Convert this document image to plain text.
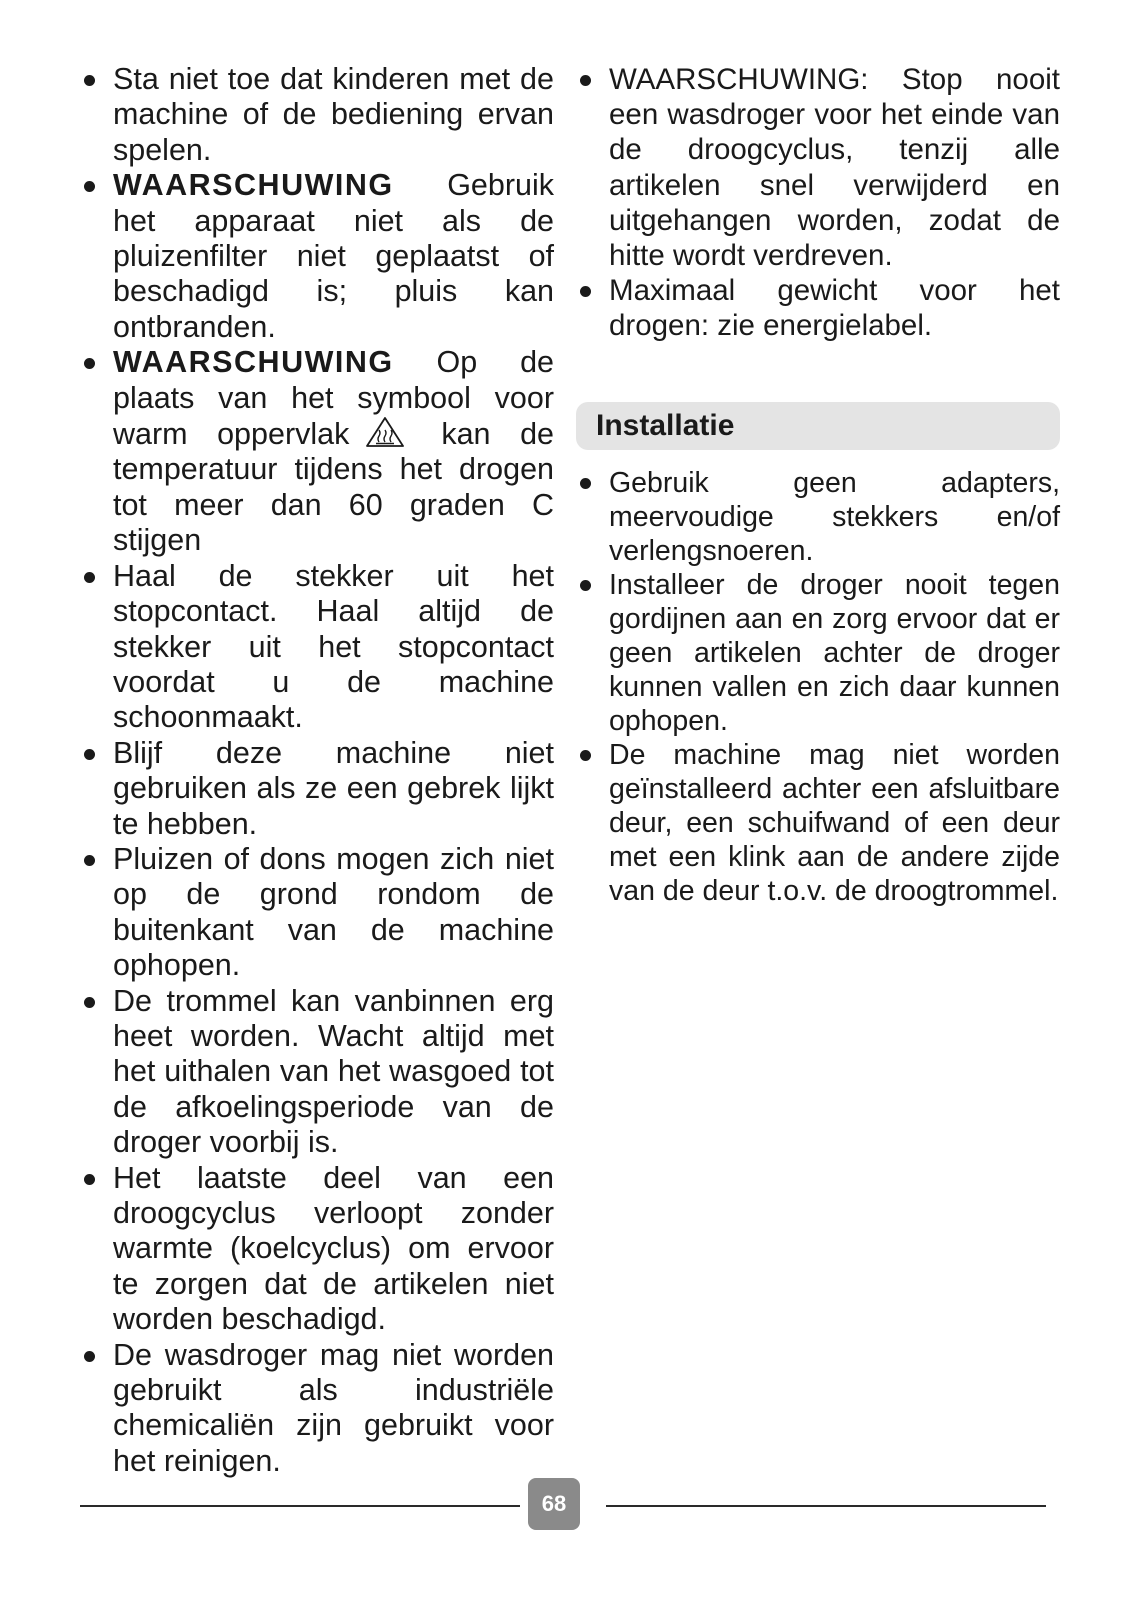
Sta niet toe dat kinderen met de machine of de bediening ervan spelen.
WAARSCHUWING Gebruik het apparaat niet als de pluizenfilter niet geplaatst of beschadigd is; pluis kan ontbranden.
WAARSCHUWING Op de plaats van het symbool voor warm oppervlak	kan de temperatuur tijdens het drogen tot meer dan 60 graden C stijgen
Haal de stekker uit het stopcontact. Haal altijd de stekker uit het stopcontact voordat u de machine schoonmaakt.
Blijf deze machine niet gebruiken als ze een gebrek lijkt te hebben.
Pluizen of dons mogen zich niet op de grond rondom de buitenkant van de machine ophopen.
De trommel kan vanbinnen erg heet worden. Wacht altijd met het uithalen van het wasgoed tot de afkoelingsperiode van de droger voorbij is.
Het laatste deel van een droogcyclus verloopt zonder warmte (koelcyclus) om ervoor te zorgen dat de artikelen niet worden beschadigd.
De wasdroger mag niet worden gebruikt als industriële chemicaliën zijn gebruikt voor het reinigen.
WAARSCHUWING: Stop nooit een wasdroger voor het einde van de droogcyclus, tenzij alle artikelen snel verwijderd en uitgehangen worden, zodat de hitte wordt verdreven.
Maximaal gewicht voor het drogen: zie energielabel.
Installatie
Gebruik geen adapters, meervoudige stekkers en/of verlengsnoeren.
Installeer de droger nooit tegen gordijnen aan en zorg ervoor dat er geen artikelen achter de droger kunnen vallen en zich daar kunnen ophopen.
De machine mag niet worden geïnstalleerd achter een afsluitbare deur, een schuifwand of een deur met een klink aan de andere zijde van de deur t.o.v. de droogtrommel.
68
